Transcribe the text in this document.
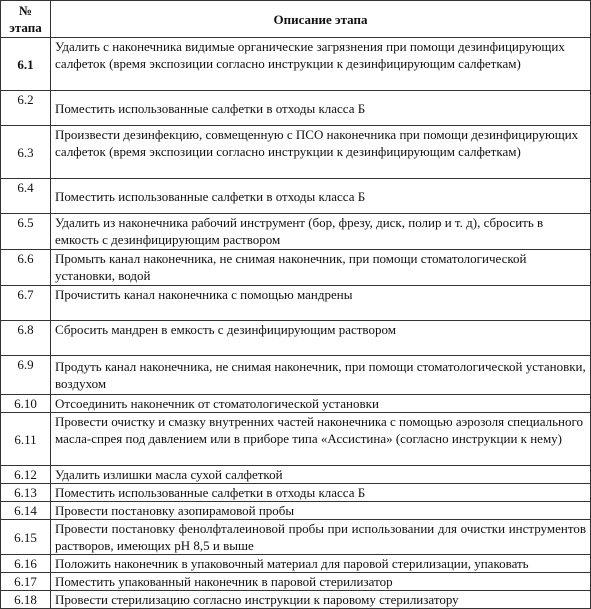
№ этапа	Описание этапа
6.1	Удалить с наконечника видимые органические загрязнения при помощи дезинфицирующих салфеток (время экспозиции согласно инструкции к дезинфицирующим салфеткам)
6.2	Поместить использованные салфетки в отходы класса Б
6.3	Произвести дезинфекцию, совмещенную с ПСО наконечника при помощи дезинфицирующих салфеток (время экспозиции согласно инструкции к дезинфицирующим салфеткам)
6.4	Поместить использованные салфетки в отходы класса Б
6.5	Удалить из наконечника рабочий инструмент (бор, фрезу, диск, полир и т. д), сбросить в емкость с дезинфицирующим раствором
6.6	Промыть канал наконечника, не снимая наконечник, при помощи стоматологической установки, водой
6.7	Прочистить канал наконечника с помощью мандрены
6.8	Сбросить мандрен в емкость с дезинфицирующим раствором
6.9	Продуть канал наконечника, не снимая наконечник, при помощи стоматологической установки, воздухом
6.10	Отсоединить наконечник от стоматологической установки
6.11	Провести очистку и смазку внутренних частей наконечника с помощью аэрозоля специального масла-спрея под давлением или в приборе типа «Ассистина» (согласно инструкции к нему)
6.12	Удалить излишки масла сухой салфеткой
6.13	Поместить использованные салфетки в отходы класса Б
6.14	Провести постановку азопирамовой пробы
6.15	Провести постановку фенолфталеиновой пробы при использовании для очистки инструментов растворов, имеющих pH 8,5 и выше
6.16	Положить наконечник в упаковочный материал для паровой стерилизации, упаковать
6.17	Поместить упакованный наконечник в паровой стерилизатор
6.18	Провести стерилизацию согласно инструкции к паровому стерилизатору
